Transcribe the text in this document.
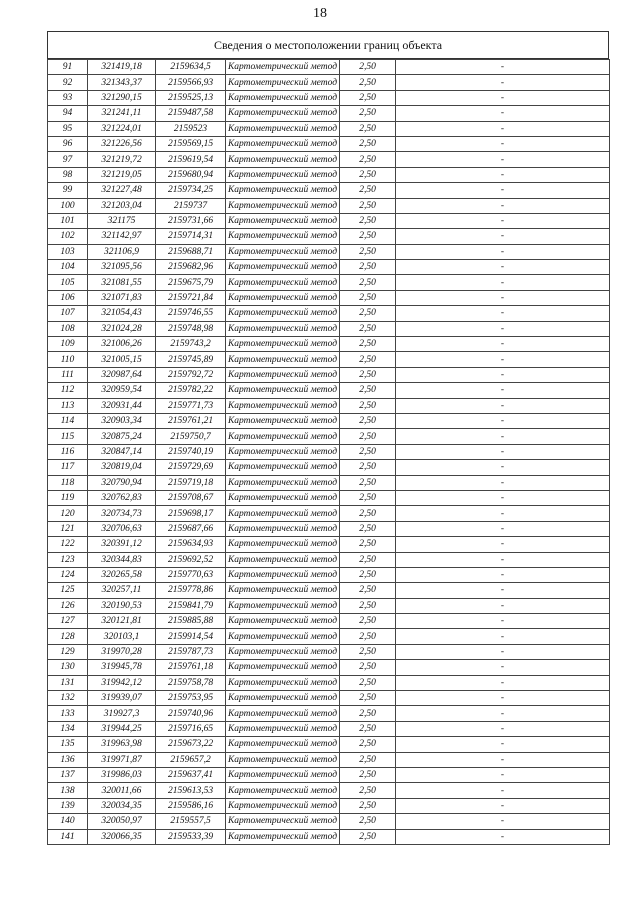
18
Сведения о местоположении границ объекта
91	321419,18	2159634,5	Картометрический метод	2,50	-
92	321343,37	2159566,93	Картометрический метод	2,50	-
93	321290,15	2159525,13	Картометрический метод	2,50	-
94	321241,11	2159487,58	Картометрический метод	2,50	-
95	321224,01	2159523	Картометрический метод	2,50	-
96	321226,56	2159569,15	Картометрический метод	2,50	-
97	321219,72	2159619,54	Картометрический метод	2,50	-
98	321219,05	2159680,94	Картометрический метод	2,50	-
99	321227,48	2159734,25	Картометрический метод	2,50	-
100	321203,04	2159737	Картометрический метод	2,50	-
101	321175	2159731,66	Картометрический метод	2,50	-
102	321142,97	2159714,31	Картометрический метод	2,50	-
103	321106,9	2159688,71	Картометрический метод	2,50	-
104	321095,56	2159682,96	Картометрический метод	2,50	-
105	321081,55	2159675,79	Картометрический метод	2,50	-
106	321071,83	2159721,84	Картометрический метод	2,50	-
107	321054,43	2159746,55	Картометрический метод	2,50	-
108	321024,28	2159748,98	Картометрический метод	2,50	-
109	321006,26	2159743,2	Картометрический метод	2,50	-
110	321005,15	2159745,89	Картометрический метод	2,50	-
111	320987,64	2159792,72	Картометрический метод	2,50	-
112	320959,54	2159782,22	Картометрический метод	2,50	-
113	320931,44	2159771,73	Картометрический метод	2,50	-
114	320903,34	2159761,21	Картометрический метод	2,50	-
115	320875,24	2159750,7	Картометрический метод	2,50	-
116	320847,14	2159740,19	Картометрический метод	2,50	-
117	320819,04	2159729,69	Картометрический метод	2,50	-
118	320790,94	2159719,18	Картометрический метод	2,50	-
119	320762,83	2159708,67	Картометрический метод	2,50	-
120	320734,73	2159698,17	Картометрический метод	2,50	-
121	320706,63	2159687,66	Картометрический метод	2,50	-
122	320391,12	2159634,93	Картометрический метод	2,50	-
123	320344,83	2159692,52	Картометрический метод	2,50	-
124	320265,58	2159770,63	Картометрический метод	2,50	-
125	320257,11	2159778,86	Картометрический метод	2,50	-
126	320190,53	2159841,79	Картометрический метод	2,50	-
127	320121,81	2159885,88	Картометрический метод	2,50	-
128	320103,1	2159914,54	Картометрический метод	2,50	-
129	319970,28	2159787,73	Картометрический метод	2,50	-
130	319945,78	2159761,18	Картометрический метод	2,50	-
131	319942,12	2159758,78	Картометрический метод	2,50	-
132	319939,07	2159753,95	Картометрический метод	2,50	-
133	319927,3	2159740,96	Картометрический метод	2,50	-
134	319944,25	2159716,65	Картометрический метод	2,50	-
135	319963,98	2159673,22	Картометрический метод	2,50	-
136	319971,87	2159657,2	Картометрический метод	2,50	-
137	319986,03	2159637,41	Картометрический метод	2,50	-
138	320011,66	2159613,53	Картометрический метод	2,50	-
139	320034,35	2159586,16	Картометрический метод	2,50	-
140	320050,97	2159557,5	Картометрический метод	2,50	-
141	320066,35	2159533,39	Картометрический метод	2,50	-
